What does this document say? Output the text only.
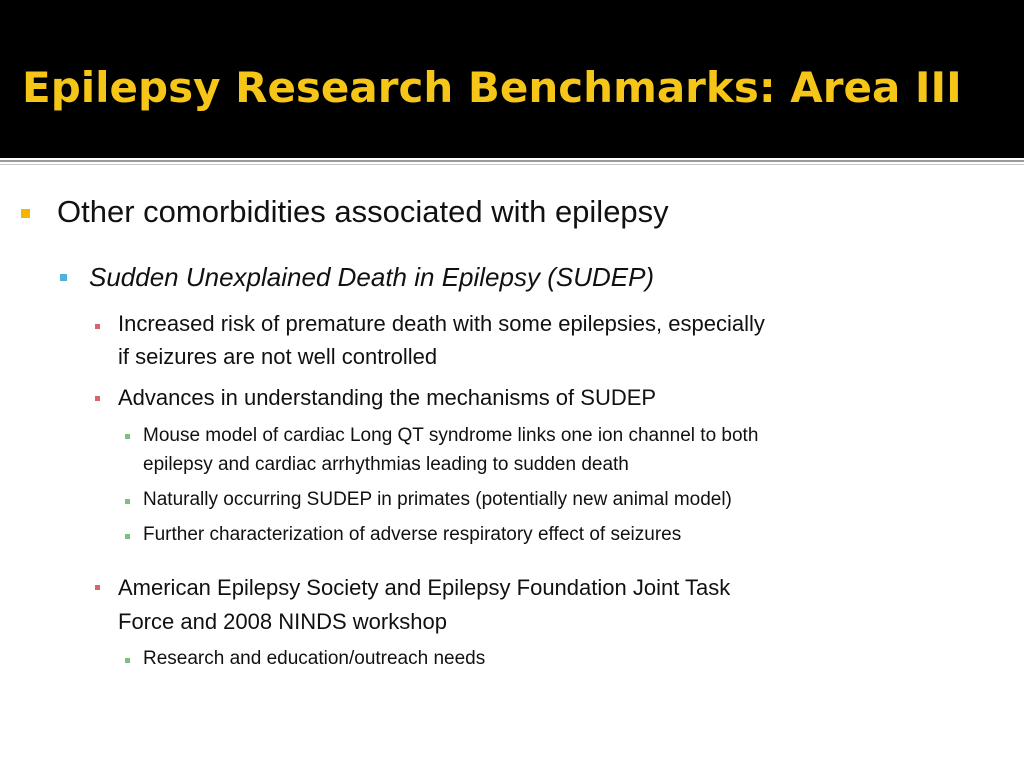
Epilepsy Research Benchmarks: Area III
Other comorbidities associated with epilepsy
Sudden Unexplained Death in Epilepsy (SUDEP)
Increased risk of premature death with some epilepsies, especially
if seizures are not well controlled
Advances in understanding the mechanisms of SUDEP
Mouse model of cardiac Long QT syndrome links one ion channel to both
epilepsy and cardiac arrhythmias leading to sudden death
Naturally occurring SUDEP in primates (potentially new animal model)
Further characterization of adverse respiratory effect of seizures
American Epilepsy Society and Epilepsy Foundation Joint Task
Force and 2008 NINDS workshop
Research and education/outreach needs
